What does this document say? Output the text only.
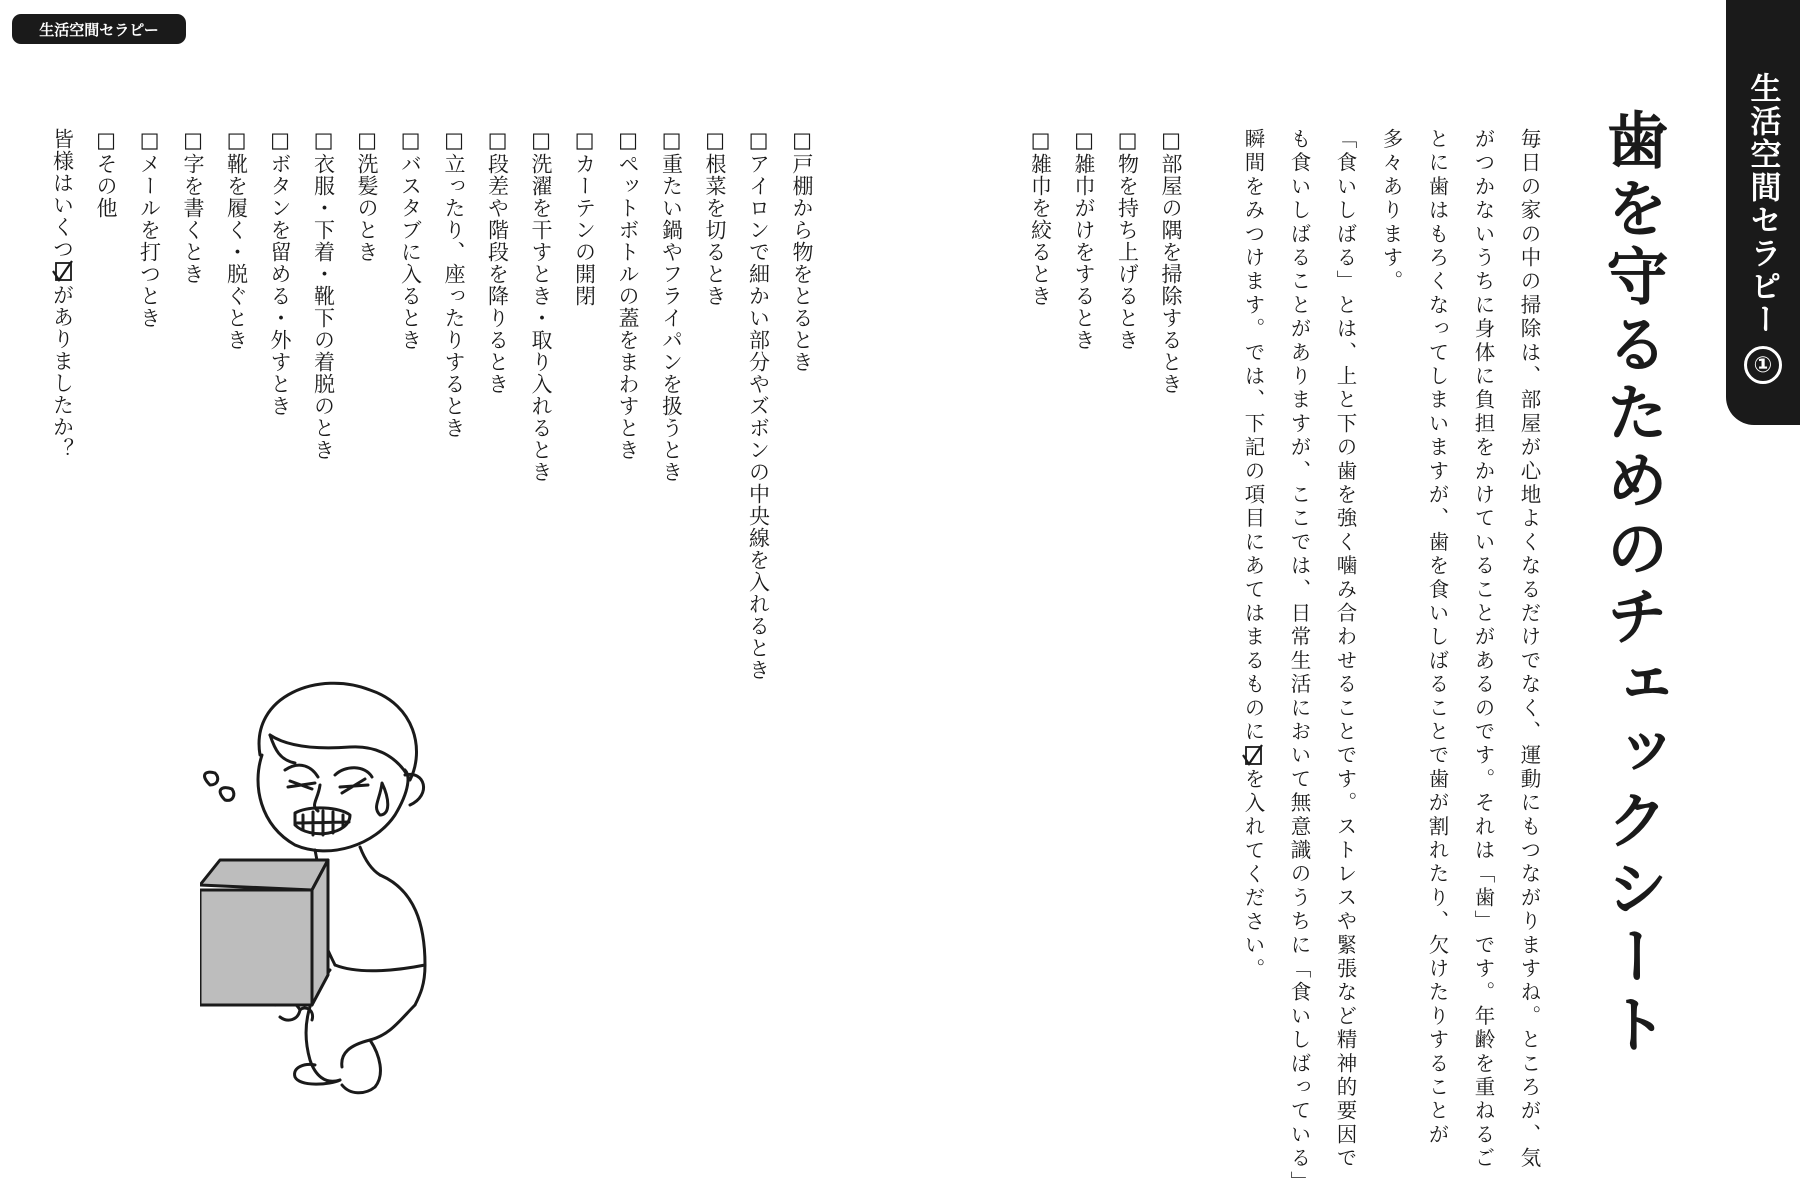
生活空間セラピー
生活空間セラピー
①
歯を守るためのチェックシート

毎日の家の中の掃除は、部屋が心地よくなるだけでなく、運動にもつながりますね。ところが、気がつかないうちに身体に負担をかけていることがあるのです。それは「歯」です。年齢を重ねるごとに歯はもろくなってしまいますが、歯を食いしばることで歯が割れたり、欠けたりすることが多々あります。

「食いしばる」とは、上と下の歯を強く噛み合わせることです。ストレスや緊張など精神的要因でも食いしばることがありますが、ここでは、日常生活において無意識のうちに「食いしばっている」瞬間をみつけます。では、下記の項目にあてはまるものにを入れてください。

□部屋の隅を掃除するとき
□物を持ち上げるとき
□雑巾がけをするとき
□雑巾を絞るとき
□戸棚から物をとるとき
□アイロンで細かい部分やズボンの中央線を入れるとき
□根菜を切るとき
□重たい鍋やフライパンを扱うとき
□ペットボトルの蓋をまわすとき
□カーテンの開閉
□洗濯を干すとき・取り入れるとき
□段差や階段を降りるとき
□立ったり、座ったりするとき
□バスタブに入るとき
□洗髪のとき
□衣服・下着・靴下の着脱のとき
□ボタンを留める・外すとき
□靴を履く・脱ぐとき
□字を書くとき
□メールを打つとき
□その他
皆様はいくつがありましたか？
